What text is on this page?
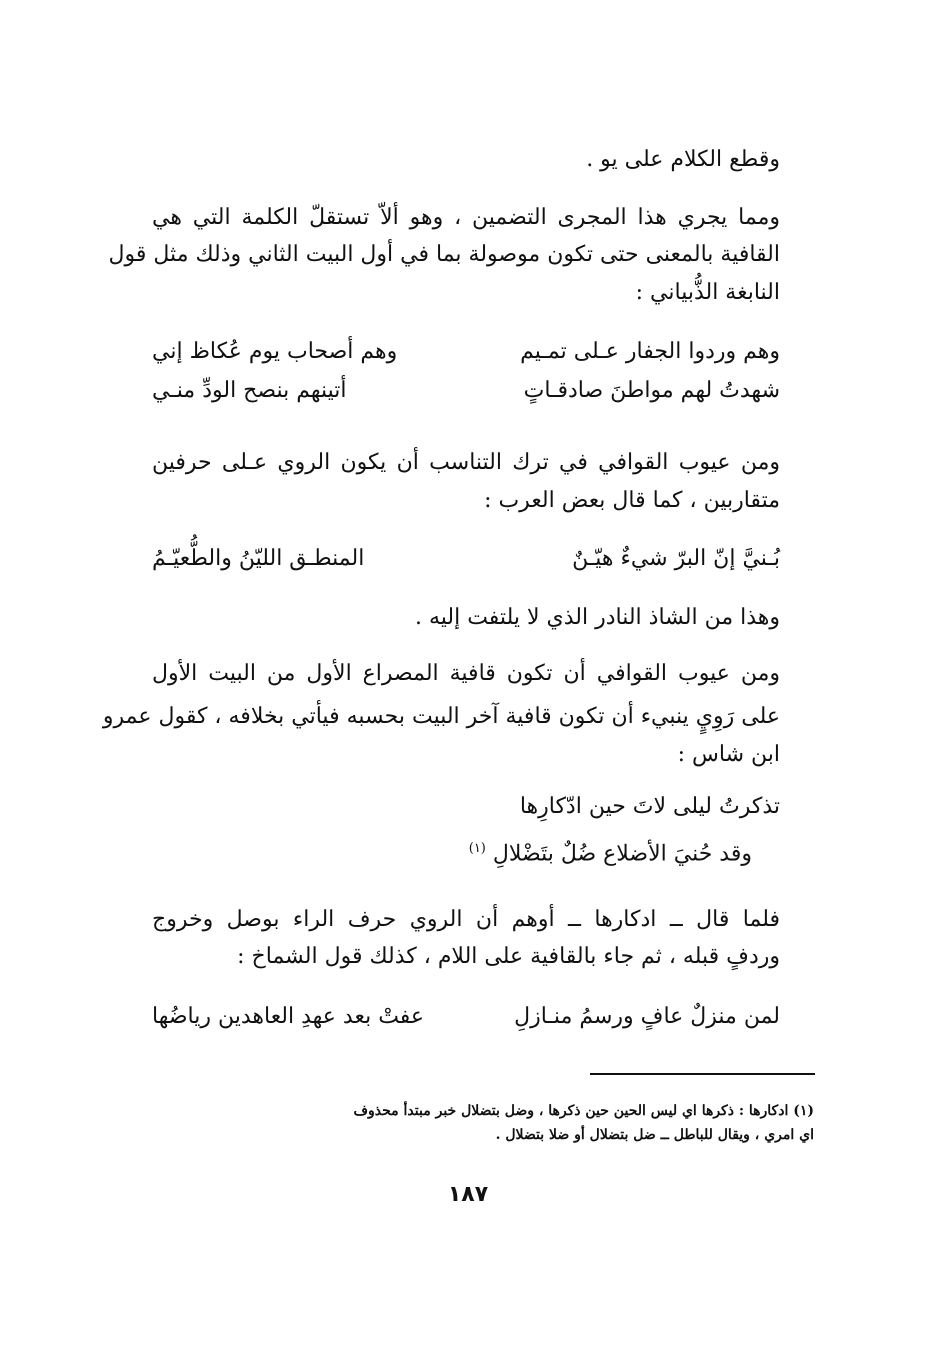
وقطع الكلام على يو .
ومما يجري هذا المجرى التضمين ، وهو ألاّ تستقلّ الكلمة التي هي
القافية بالمعنى حتى تكون موصولة بما في أول البيت الثاني وذلك مثل قول
النابغة الذُّبياني :
وهم وردوا الجفار عـلى تمـيم
وهم أصحاب يوم عُكاظ إني
شهدتُ لهم مواطنَ صادقـاتٍ
أتينهم بنصح الودِّ منـي
ومن عيوب القوافي في ترك التناسب أن يكون الروي عـلى حرفين
متقاربين ، كما قال بعض العرب :
بُـنيَّ إنّ البرّ شيءٌ هيّـنٌ
المنطـق الليّنُ والطُّعيّـمُ
وهذا من الشاذ النادر الذي لا يلتفت إليه .
ومن عيوب القوافي أن تكون قافية المصراع الأول من البيت الأول
على رَوِيٍ ينبيء أن تكون قافية آخر البيت بحسبه فيأتي بخلافه ، كقول عمرو
ابن شاس :
تذكرتُ ليلى لاتَ حين ادّكارِها
وقد حُنيَ الأضلاع ضُلٌ بتَضْلالِ $^{(١)}$
فلما قال ــ ادكارها ــ أوهم أن الروي حرف الراء بوصل وخروج
وردفٍ قبله ، ثم جاء بالقافية على اللام ، كذلك قول الشماخ :
لمن منزلٌ عافٍ ورسمُ منـازلِ
عفتْ بعد عهدِ العاهدين رياضُها
(١) ادكارها : ذكرها اي ليس الحين حين ذكرها ، وضل بتضلال خبر مبتدأ محذوف
اي امري ، ويقال للباطل ــ ضل بتضلال أو ضلا بتضلال .
١٨٧
